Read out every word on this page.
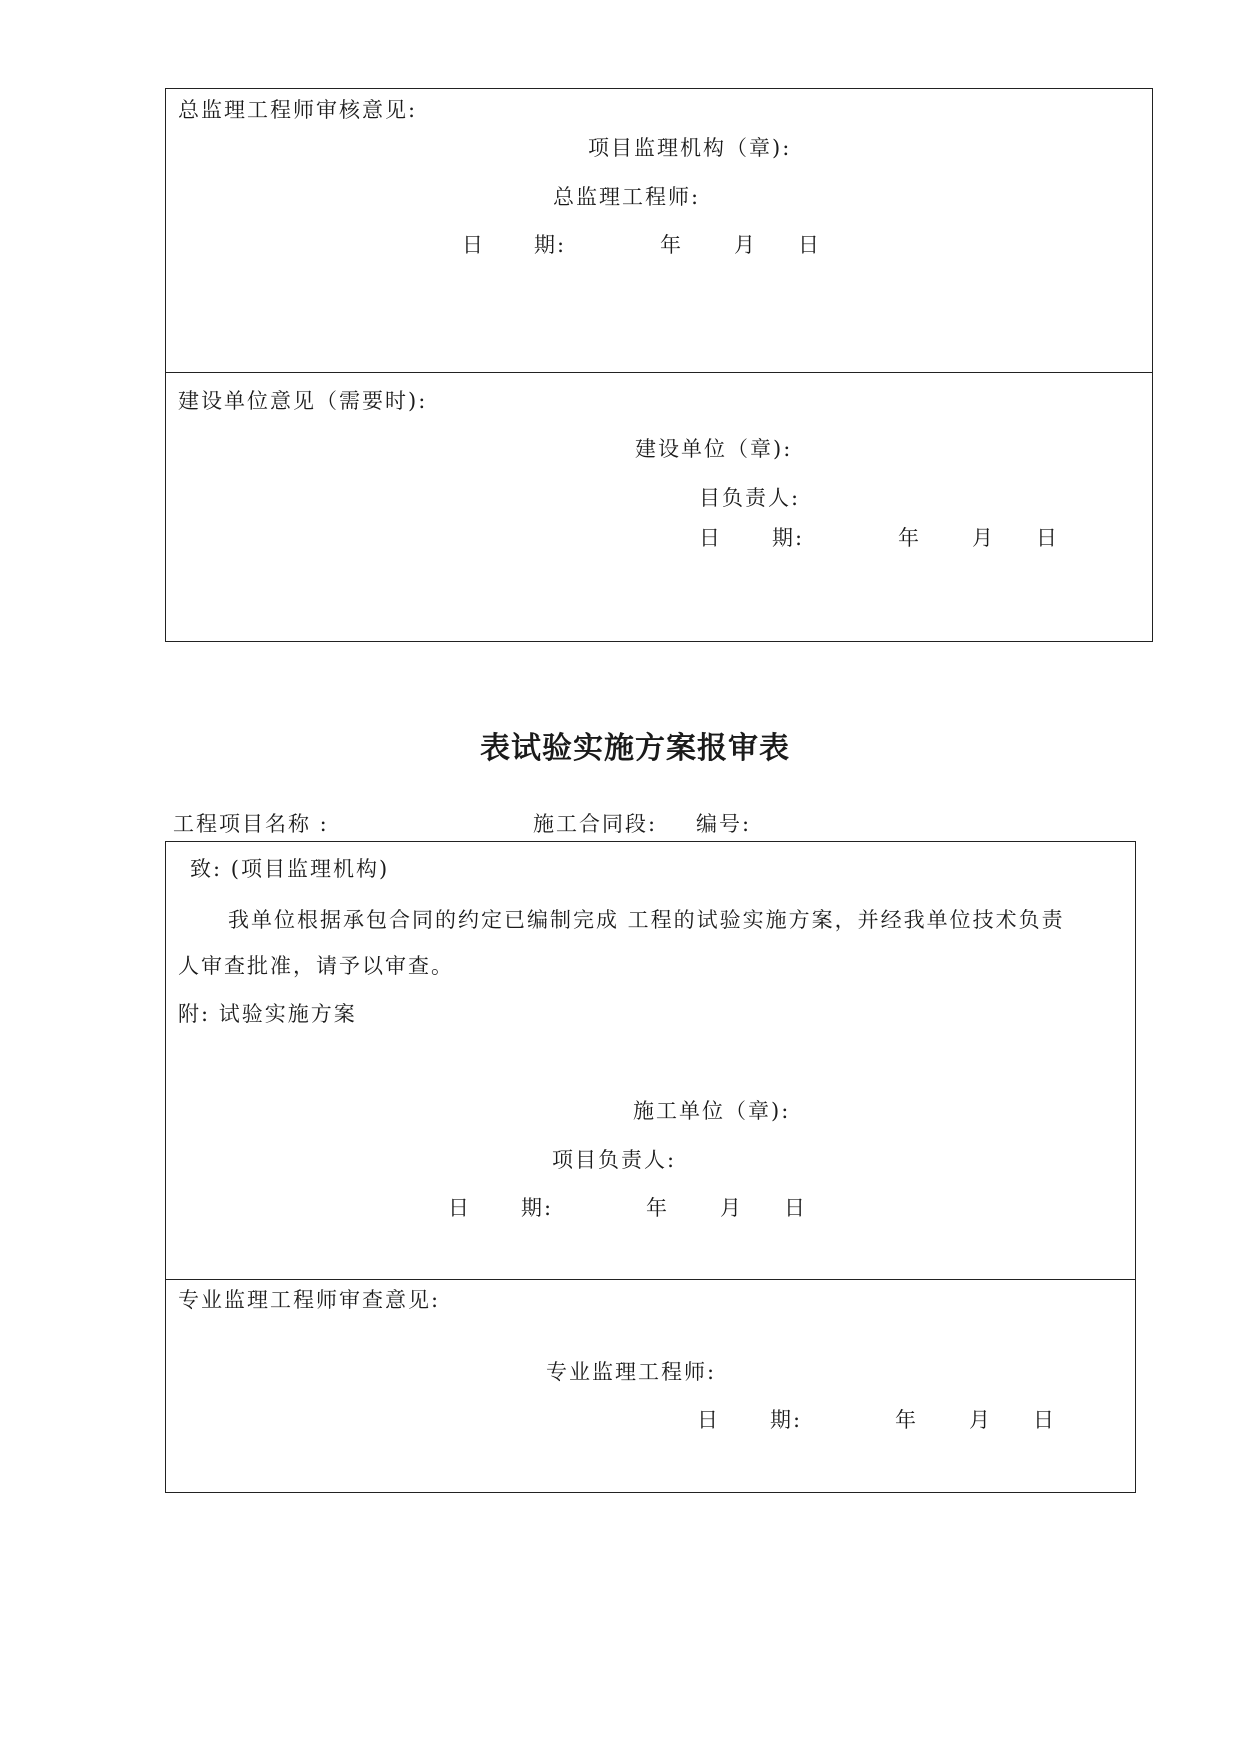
总监理工程师审核意见:
项目监理机构（章):
总监理工程师:
日 期:	年 月 日
建设单位意见（需要时):
建设单位（章):
目负责人:
日 期:	年 月 日
表试验实施方案报审表
工程项目名称 :	施工合同段: 编号:
致: (项目监理机构)
我单位根据承包合同的约定已编制完成 工程的试验实施方案，并经我单位技术负责
人审查批准，请予以审查。
附: 试验实施方案
施工单位（章):
项目负责人:
日 期:	年 月 日
专业监理工程师审查意见:
专业监理工程师:
日 期:	年 月 日
